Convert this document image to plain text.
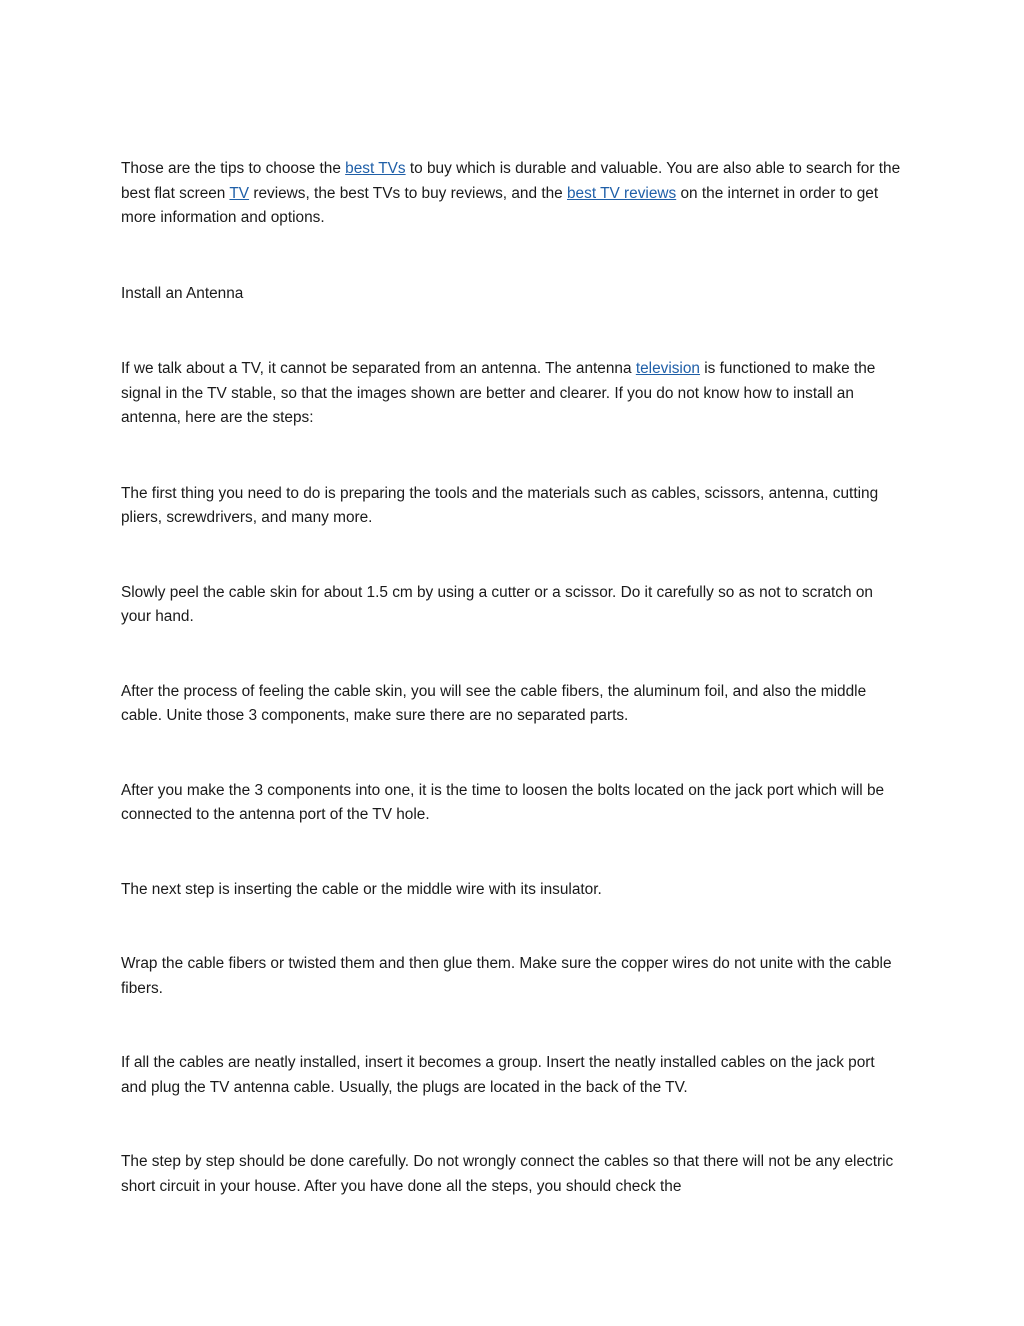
Those are the tips to choose the best TVs to buy which is durable and valuable. You are also able to search for the best flat screen TV reviews, the best TVs to buy reviews, and the best TV reviews on the internet in order to get more information and options.

Install an Antenna

If we talk about a TV, it cannot be separated from an antenna. The antenna television is functioned to make the signal in the TV stable, so that the images shown are better and clearer. If you do not know how to install an antenna, here are the steps:

The first thing you need to do is preparing the tools and the materials such as cables, scissors, antenna, cutting pliers, screwdrivers, and many more.

Slowly peel the cable skin for about 1.5 cm by using a cutter or a scissor. Do it carefully so as not to scratch on your hand.

After the process of feeling the cable skin, you will see the cable fibers, the aluminum foil, and also the middle cable. Unite those 3 components, make sure there are no separated parts.

After you make the 3 components into one, it is the time to loosen the bolts located on the jack port which will be connected to the antenna port of the TV hole.

The next step is inserting the cable or the middle wire with its insulator.

Wrap the cable fibers or twisted them and then glue them. Make sure the copper wires do not unite with the cable fibers.

If all the cables are neatly installed, insert it becomes a group. Insert the neatly installed cables on the jack port and plug the TV antenna cable. Usually, the plugs are located in the back of the TV.

The step by step should be done carefully. Do not wrongly connect the cables so that there will not be any electric short circuit in your house. After you have done all the steps, you should check the
